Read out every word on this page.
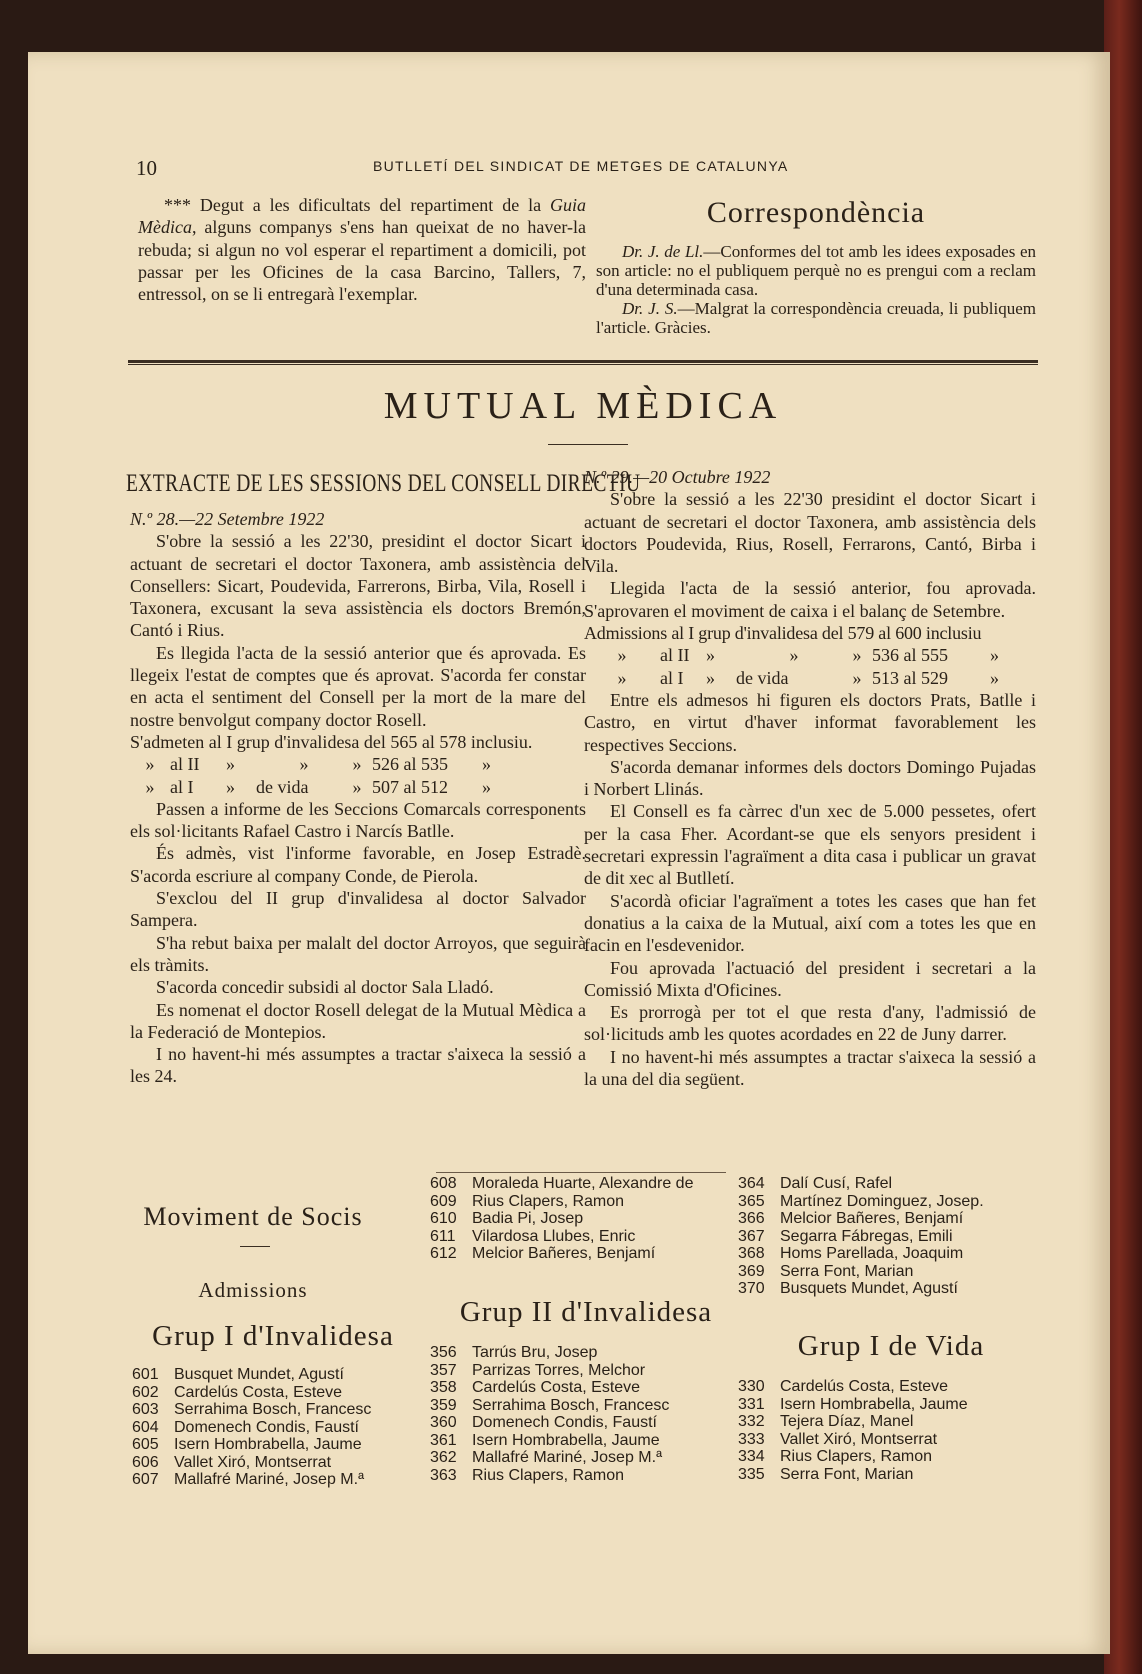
10	BUTLLETÍ DEL SINDICAT DE METGES DE CATALUNYA

*** Degut a les dificultats del repartiment de la Guia Mèdica, alguns companys s'ens han queixat de no haver-la rebuda; si algun no vol esperar el repartiment a domicili, pot passar per les Oficines de la casa Barcino, Tallers, 7, entressol, on se li entregarà l'exemplar.

Correspondència

Dr. J. de Ll.—Conformes del tot amb les idees exposades en son article: no el publiquem perquè no es prengui com a reclam d'una determinada casa.

Dr. J. S.—Malgrat la correspondència creuada, li publiquem l'article. Gràcies.

MUTUAL MÈDICA
EXTRACTE DE LES SESSIONS DEL CONSELL DIRECTIU

N.º 28.—22 Setembre 1922

S'obre la sessió a les 22'30, presidint el doctor Sicart i actuant de secretari el doctor Taxonera, amb assistència del Consellers: Sicart, Poudevida, Farrerons, Birba, Vila, Rosell i Taxonera, excusant la seva assistència els doctors Bremón, Cantó i Rius.

Es llegida l'acta de la sessió anterior que és aprovada. Es llegeix l'estat de comptes que és aprovat. S'acorda fer constar en acta el sentiment del Consell per la mort de la mare del nostre benvolgut company doctor Rosell.

S'admeten al I grup d'invalidesa del 565 al 578 inclusiu.

» al II	»	»	» 526 al 535	»
» al I	»	de vida	» 507 al 512	»

Passen a informe de les Seccions Comarcals corresponents els sol·licitants Rafael Castro i Narcís Batlle.

És admès, vist l'informe favorable, en Josep Estradè. S'acorda escriure al company Conde, de Pierola.

S'exclou del II grup d'invalidesa al doctor Salvador Sampera.

S'ha rebut baixa per malalt del doctor Arroyos, que seguirà els tràmits.

S'acorda concedir subsidi al doctor Sala Lladó.

Es nomenat el doctor Rosell delegat de la Mutual Mèdica a la Federació de Montepios.

I no havent-hi més assumptes a tractar s'aixeca la sessió a les 24.

N.º 29.—20 Octubre 1922

S'obre la sessió a les 22'30 presidint el doctor Sicart i actuant de secretari el doctor Taxonera, amb assistència dels doctors Poudevida, Rius, Rosell, Ferrarons, Cantó, Birba i Vila.

Llegida l'acta de la sessió anterior, fou aprovada. S'aprovaren el moviment de caixa i el balanç de Setembre.

Admissions al I grup d'invalidesa del 579 al 600 inclusiu

»	al II »	»	» 536 al 555	»
»	al I	»	de vida	» 513 al 529	»

Entre els admesos hi figuren els doctors Prats, Batlle i Castro, en virtut d'haver informat favorablement les respectives Seccions.

S'acorda demanar informes dels doctors Domingo Pujadas i Norbert Llinás.

El Consell es fa càrrec d'un xec de 5.000 pessetes, ofert per la casa Fher. Acordant-se que els senyors president i secretari expressin l'agraïment a dita casa i publicar un gravat de dit xec al Butlletí.

S'acordà oficiar l'agraïment a totes les cases que han fet donatius a la caixa de la Mutual, així com a totes les que en facin en l'esdevenidor.

Fou aprovada l'actuació del president i secretari a la Comissió Mixta d'Oficines.

Es prorrogà per tot el que resta d'any, l'admissió de sol·licituds amb les quotes acordades en 22 de Juny darrer.

I no havent-hi més assumptes a tractar s'aixeca la sessió a la una del dia següent.

Moviment de Socis
Admissions
Grup I d'Invalidesa
601 Busquet Mundet, Agustí
602 Cardelús Costa, Esteve
603 Serrahima Bosch, Francesc
604 Domenech Condis, Faustí
605 Isern Hombrabella, Jaume
606 Vallet Xiró, Montserrat
607 Mallafré Mariné, Josep M.ª
608 Moraleda Huarte, Alexandre de
609 Rius Clapers, Ramon
610 Badia Pi, Josep
611	Vilardosa Llubes, Enric
612 Melcior Bañeres, Benjamí
Grup II d'Invalidesa
356 Tarrús Bru, Josep
357 Parrizas Torres, Melchor
358 Cardelús Costa, Esteve
359 Serrahima Bosch, Francesc
360 Domenech Condis, Faustí
361 Isern Hombrabella, Jaume
362 Mallafré Mariné, Josep M.ª
363 Rius Clapers, Ramon
364 Dalí Cusí, Rafel
365 Martínez Dominguez, Josep.
366 Melcior Bañeres, Benjamí
367 Segarra Fábregas, Emili
368 Homs Parellada, Joaquim
369 Serra Font, Marian
370 Busquets Mundet, Agustí
Grup I de Vida
330 Cardelús Costa, Esteve
331 Isern Hombrabella, Jaume
332 Tejera Díaz, Manel
333 Vallet Xiró, Montserrat
334 Rius Clapers, Ramon
335 Serra Font, Marian
